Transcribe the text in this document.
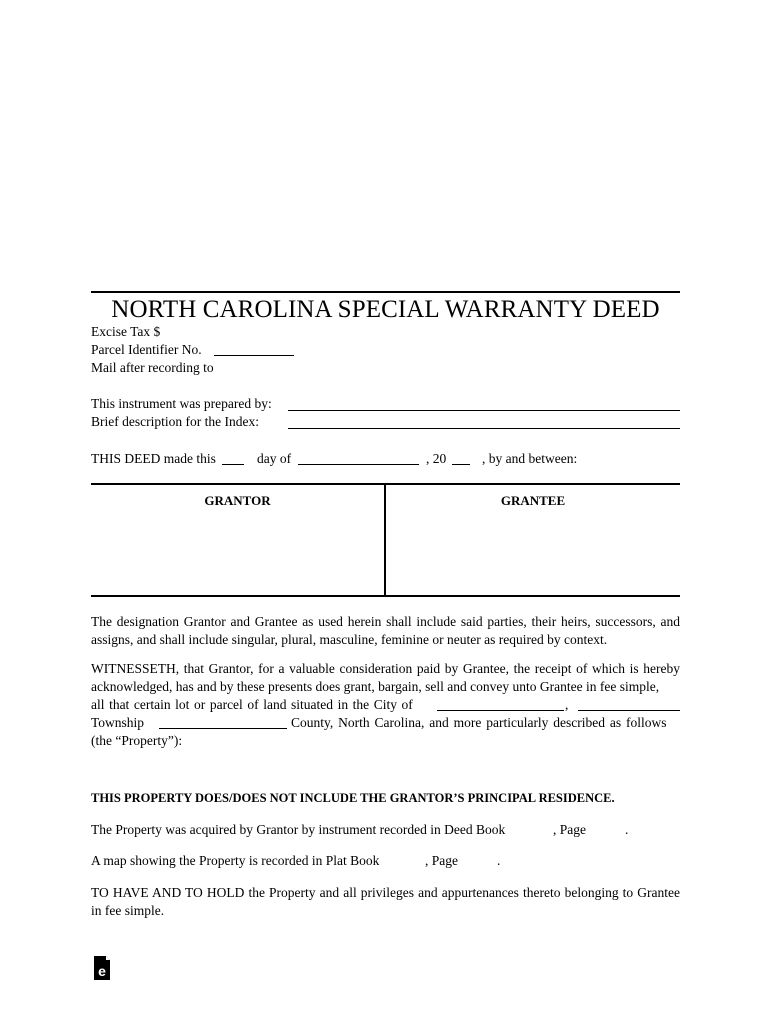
NORTH CAROLINA SPECIAL WARRANTY DEED
Excise Tax $
Parcel Identifier No.
Mail after recording to
This instrument was prepared by:
Brief description for the Index:
THIS DEED made this	day of	, 20	, by and between:
GRANTOR	GRANTEE
The designation Grantor and Grantee as used herein shall include said parties, their heirs, successors, and assigns, and shall include singular, plural, masculine, feminine or neuter as required by context.
WITNESSETH, that Grantor, for a valuable consideration paid by Grantee, the receipt of which is hereby acknowledged, has and by these presents does grant, bargain, sell and convey unto Grantee in fee simple,
all that certain lot or parcel of land situated in the City of	,
Township	County, North Carolina, and more particularly described as follows
(the “Property”):
THIS PROPERTY DOES/DOES NOT INCLUDE THE GRANTOR’S PRINCIPAL RESIDENCE.
The Property was acquired by Grantor by instrument recorded in Deed Book	, Page	.
A map showing the Property is recorded in Plat Book	, Page	.
TO HAVE AND TO HOLD the Property and all privileges and appurtenances thereto belonging to Grantee in fee simple.
e
